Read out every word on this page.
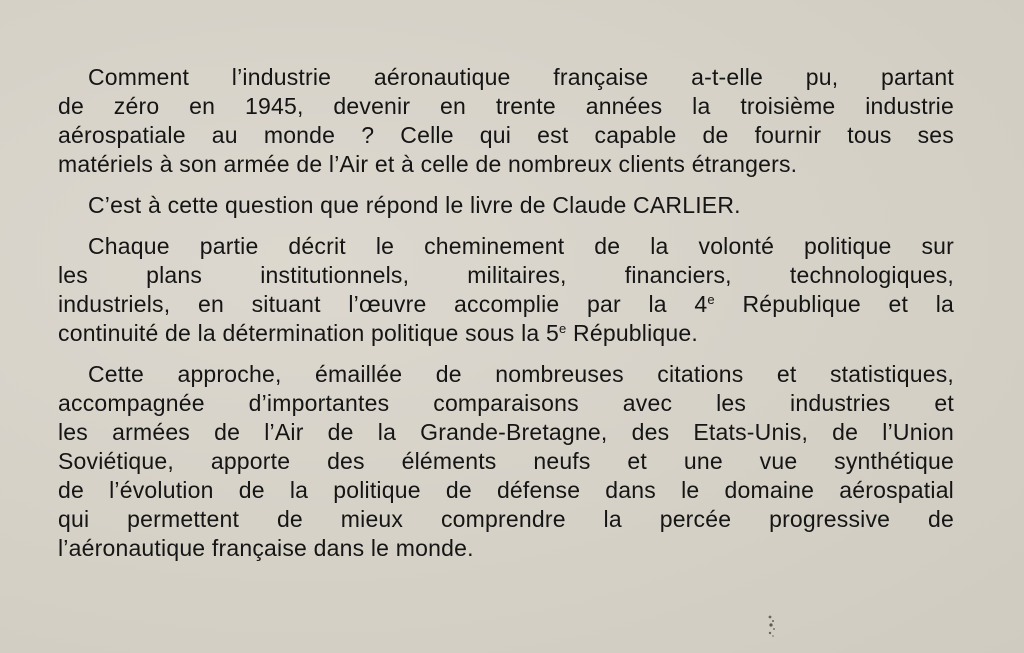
Comment l’industrie aéronautique française a-t-elle pu, partant
de zéro en 1945, devenir en trente années la troisième industrie
aérospatiale au monde ? Celle qui est capable de fournir tous ses
matériels à son armée de l’Air et à celle de nombreux clients étrangers.

C’est à cette question que répond le livre de Claude CARLIER.

Chaque partie décrit le cheminement de la volonté politique sur
les plans institutionnels, militaires, financiers, technologiques,
industriels, en situant l’œuvre accomplie par la 4e République et la
continuité de la détermination politique sous la 5e République.

Cette approche, émaillée de nombreuses citations et statistiques,
accompagnée d’importantes comparaisons avec les industries et
les armées de l’Air de la Grande-Bretagne, des Etats-Unis, de l’Union
Soviétique, apporte des éléments neufs et une vue synthétique
de l’évolution de la politique de défense dans le domaine aérospatial
qui permettent de mieux comprendre la percée progressive de
l’aéronautique française dans le monde.
